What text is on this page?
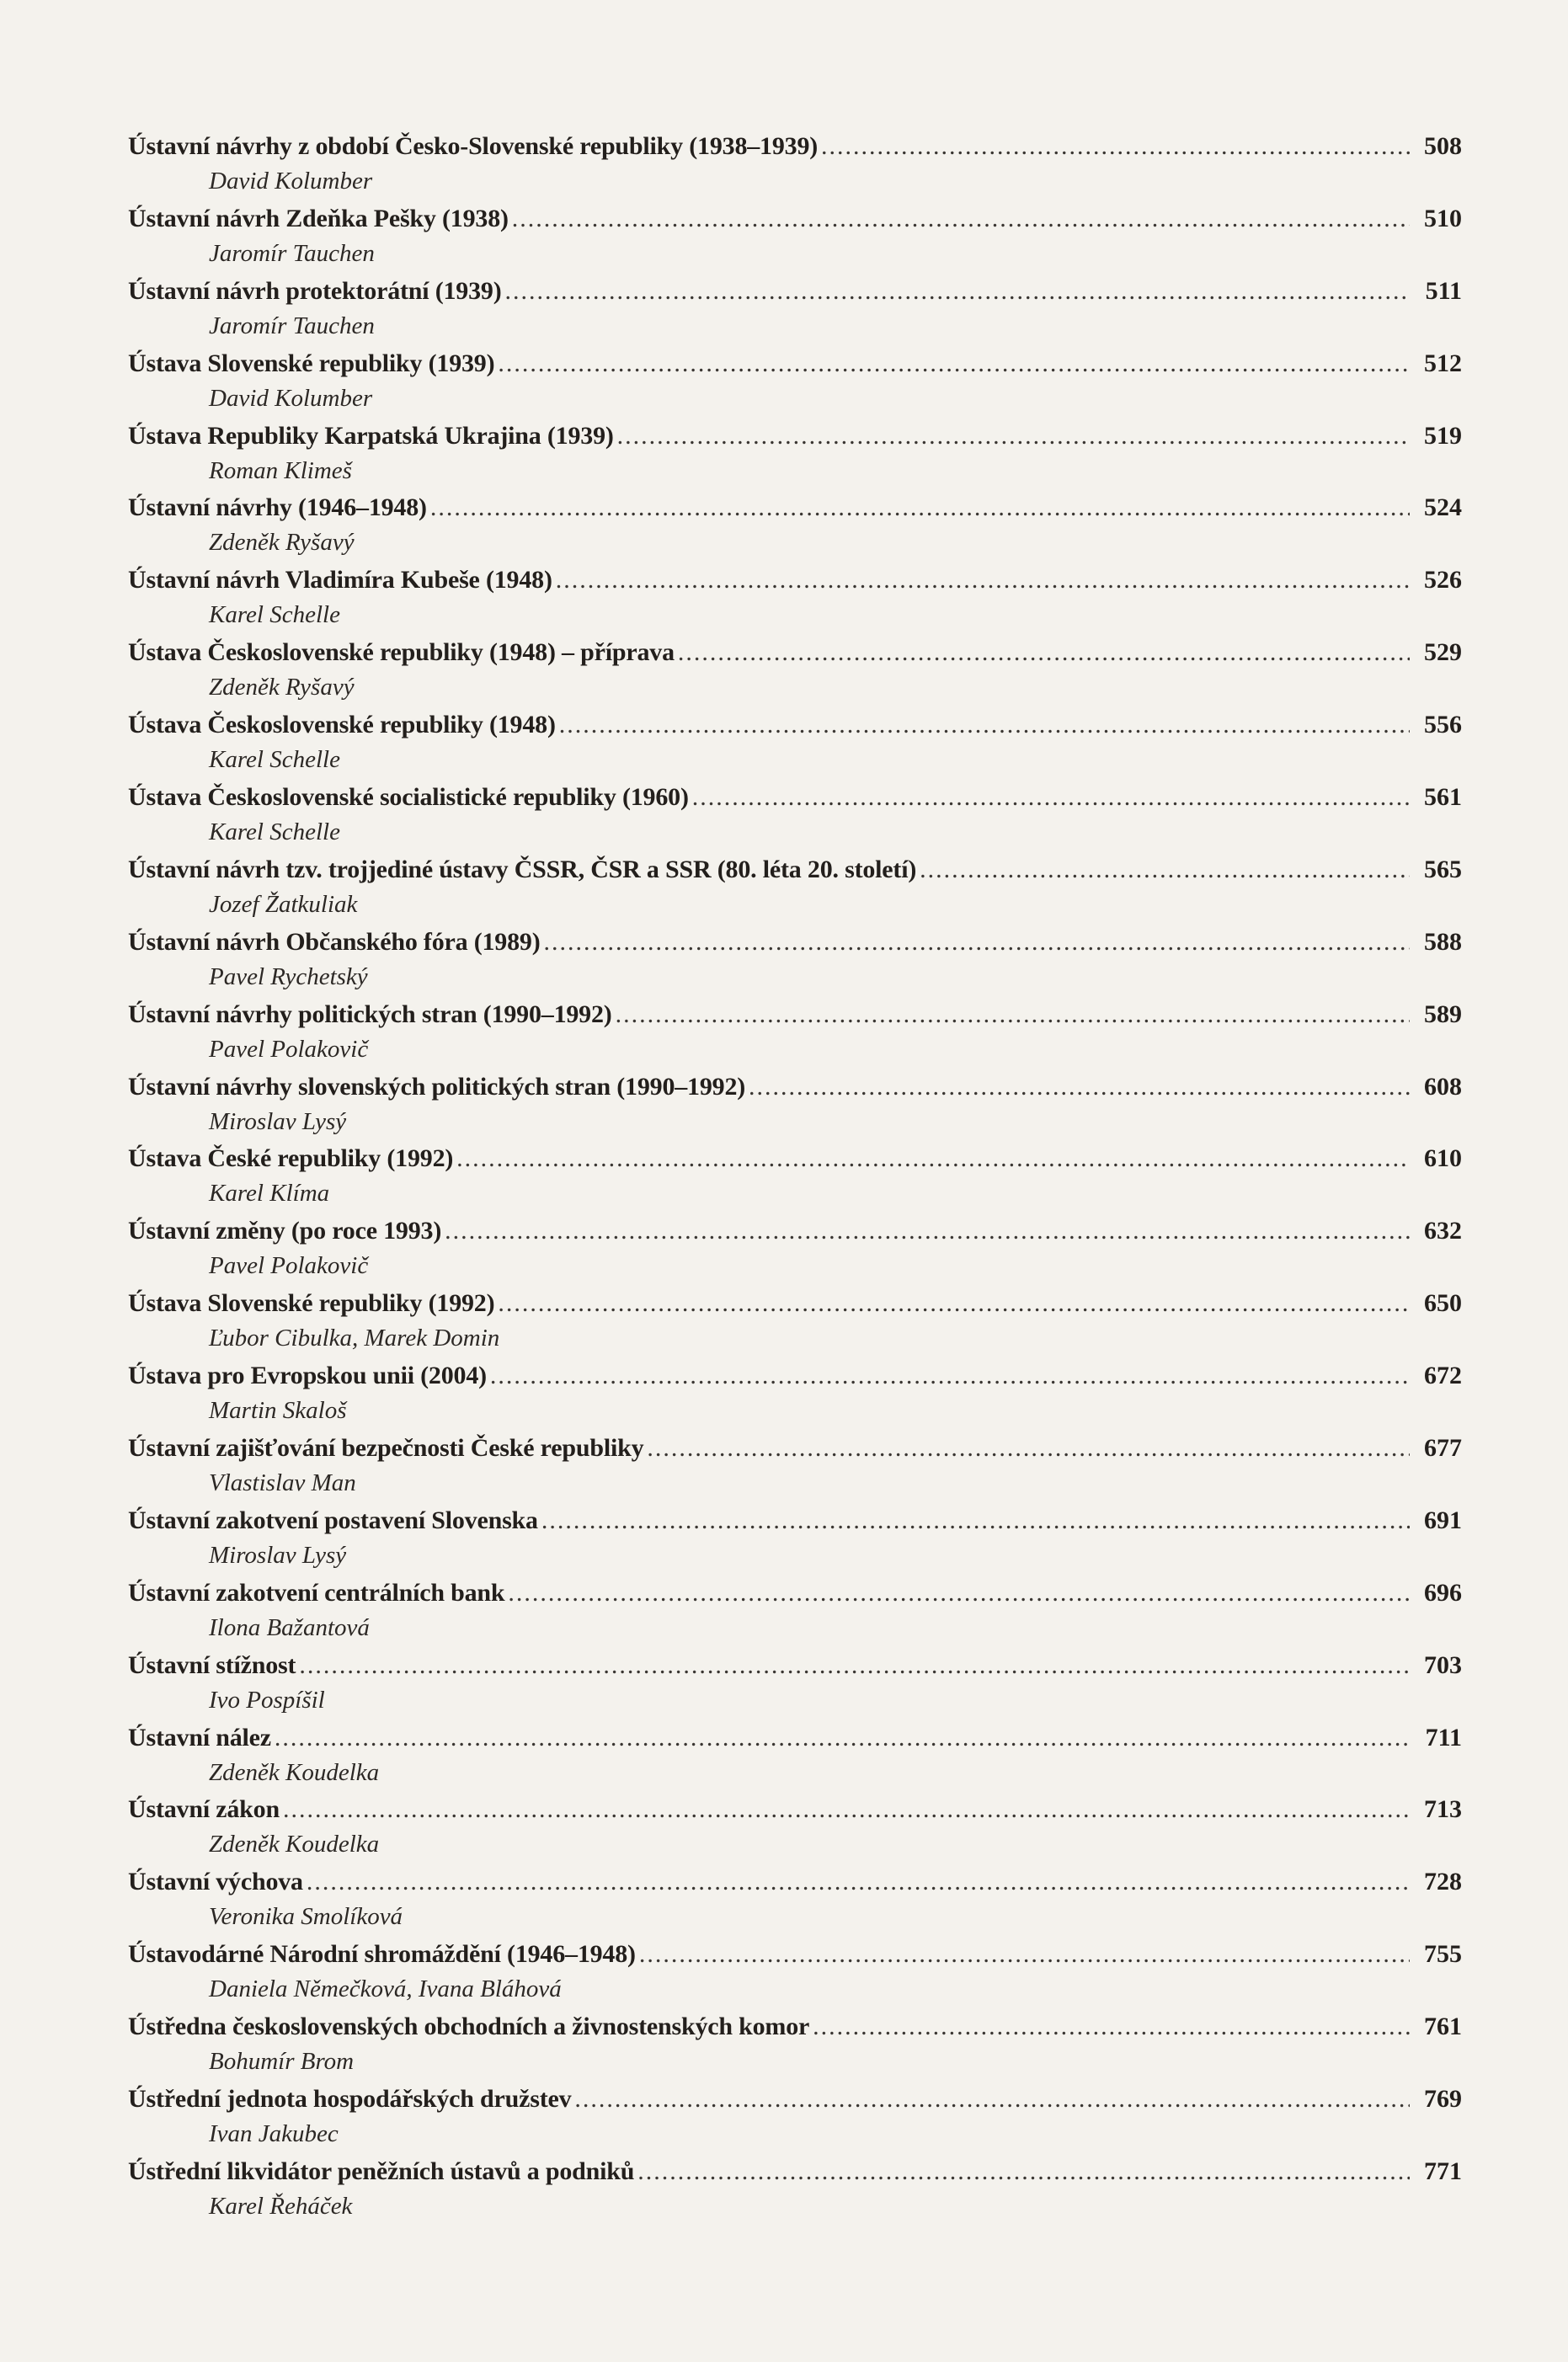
Ústavní návrhy z období Česko-Slovenské republiky (1938–1939) .....	508
David Kolumber
Ústavní návrh Zdeňka Pešky (1938) .....	510
Jaromír Tauchen
Ústavní návrh protektorátní (1939) .....	511
Jaromír Tauchen
Ústava Slovenské republiky (1939) .....	512
David Kolumber
Ústava Republiky Karpatská Ukrajina (1939) .....	519
Roman Klimeš
Ústavní návrhy (1946–1948) .....	524
Zdeněk Ryšavý
Ústavní návrh Vladimíra Kubeše (1948) .....	526
Karel Schelle
Ústava Československé republiky (1948) – příprava .....	529
Zdeněk Ryšavý
Ústava Československé republiky (1948) .....	556
Karel Schelle
Ústava Československé socialistické republiky (1960) .....	561
Karel Schelle
Ústavní návrh tzv. trojjediné ústavy ČSSR, ČSR a SSR (80. léta 20. století) .....	565
Jozef Žatkuliak
Ústavní návrh Občanského fóra (1989) .....	588
Pavel Rychetský
Ústavní návrhy politických stran (1990–1992) .....	589
Pavel Polakovič
Ústavní návrhy slovenských politických stran (1990–1992) .....	608
Miroslav Lysý
Ústava České republiky (1992) .....	610
Karel Klíma
Ústavní změny (po roce 1993) .....	632
Pavel Polakovič
Ústava Slovenské republiky (1992) .....	650
Ľubor Cibulka, Marek Domin
Ústava pro Evropskou unii (2004) .....	672
Martin Skaloš
Ústavní zajišťování bezpečnosti České republiky .....	677
Vlastislav Man
Ústavní zakotvení postavení Slovenska .....	691
Miroslav Lysý
Ústavní zakotvení centrálních bank .....	696
Ilona Bažantová
Ústavní stížnost .....	703
Ivo Pospíšil
Ústavní nález .....	711
Zdeněk Koudelka
Ústavní zákon .....	713
Zdeněk Koudelka
Ústavní výchova .....	728
Veronika Smolíková
Ústavodárné Národní shromáždění (1946–1948) .....	755
Daniela Němečková, Ivana Bláhová
Ústředna československých obchodních a živnostenských komor .....	761
Bohumír Brom
Ústřední jednota hospodářských družstev .....	769
Ivan Jakubec
Ústřední likvidátor peněžních ústavů a podniků .....	771
Karel Řeháček
